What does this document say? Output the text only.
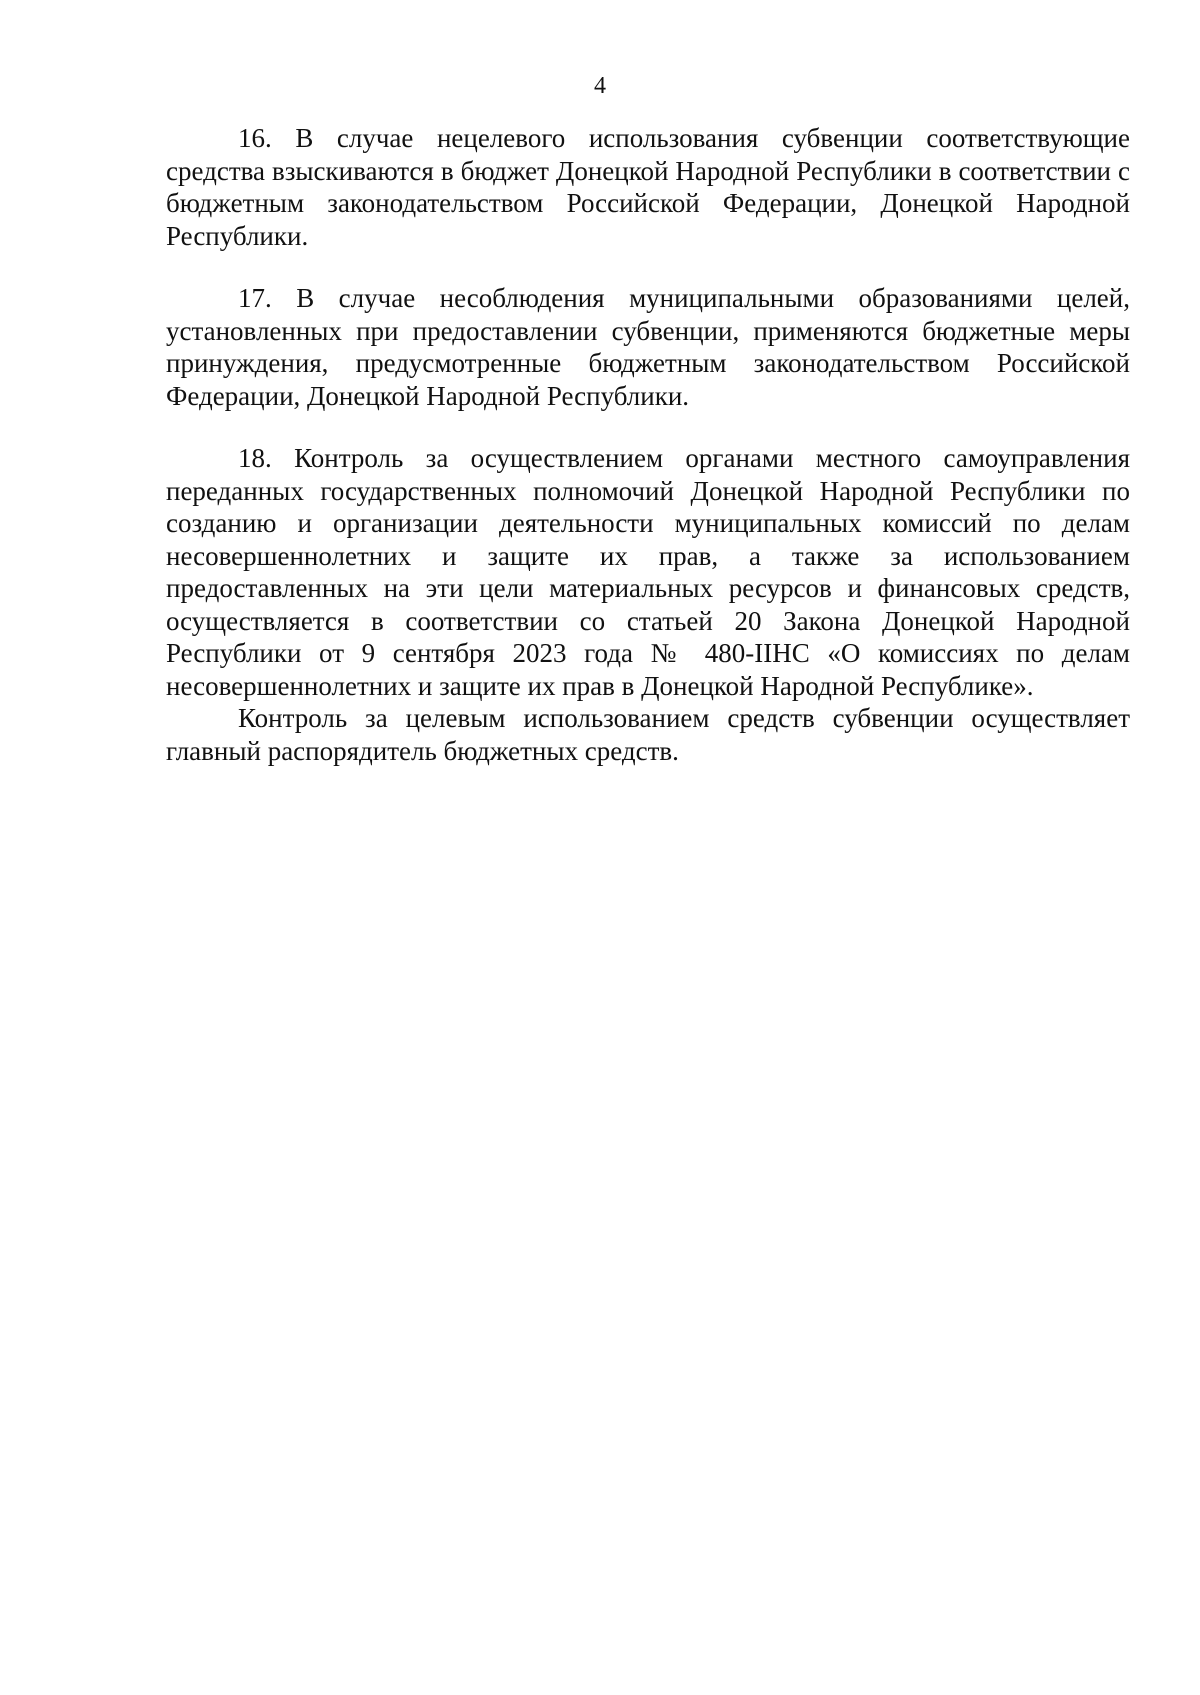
4

16. В случае нецелевого использования субвенции соответствующие средства взыскиваются в бюджет Донецкой Народной Республики в соответствии с бюджетным законодательством Российской Федерации, Донецкой Народной Республики.

17. В случае несоблюдения муниципальными образованиями целей, установленных при предоставлении субвенции, применяются бюджетные меры принуждения, предусмотренные бюджетным законодательством Российской Федерации, Донецкой Народной Республики.

18. Контроль за осуществлением органами местного самоуправления переданных государственных полномочий Донецкой Народной Республики по созданию и организации деятельности муниципальных комиссий по делам несовершеннолетних и защите их прав, а также за использованием предоставленных на эти цели материальных ресурсов и финансовых средств, осуществляется в соответствии со статьей 20 Закона Донецкой Народной Республики от 9 сентября 2023 года № 480-IIНС «О комиссиях по делам несовершеннолетних и защите их прав в Донецкой Народной Республике».

Контроль за целевым использованием средств субвенции осуществляет главный распорядитель бюджетных средств.
